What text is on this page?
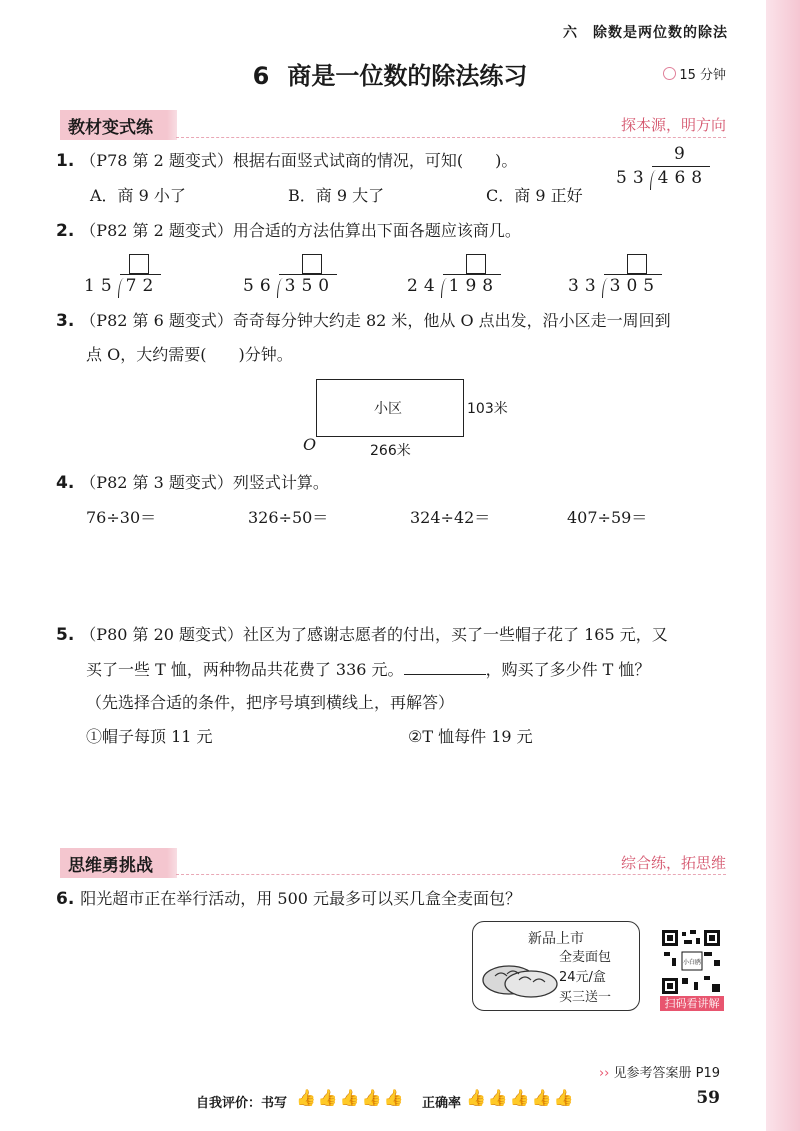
六　除数是两位数的除法
6 商是一位数的除法练习	15 分钟
教材变式练	探本源，明方向
1. （P78 第 2 题变式）根据右面竖式试商的情况，可知(　　)。
A．商 9 小了	B．商 9 大了	C．商 9 正好
9
53 468
2. （P82 第 2 题变式）用合适的方法估算出下面各题应该商几。
15 72	56 350	24 198	33 305
3. （P82 第 6 题变式）奇奇每分钟大约走 82 米，他从 O 点出发，沿小区走一周回到
点 O，大约需要(　　)分钟。
小区	103米
266米
O
4. （P82 第 3 题变式）列竖式计算。
76÷30＝	326÷50＝	324÷42＝	407÷59＝
5. （P80 第 20 题变式）社区为了感谢志愿者的付出，买了一些帽子花了 165 元，又
买了一些 T 恤，两种物品共花费了 336 元。	，购买了多少件 T 恤？
（先选择合适的条件，把序号填到横线上，再解答）
①帽子每顶 11 元	②T 恤每件 19 元
思维勇挑战	综合练，拓思维
6. 阳光超市正在举行活动，用 500 元最多可以买几盒全麦面包？
新品上市
全麦面包
24元/盒
买三送一
小白鸥
扫码看讲解
›› 见参考答案册 P19
自我评价：书写 👍👍👍👍👍 正确率 👍👍👍👍👍	59
